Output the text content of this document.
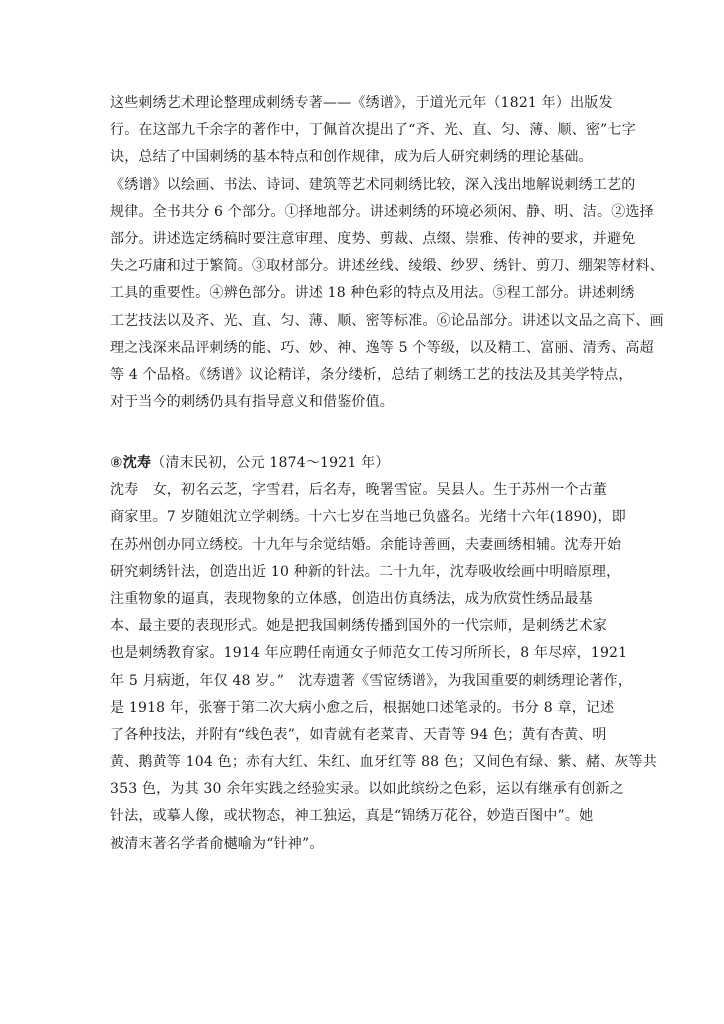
这些刺绣艺术理论整理成刺绣专著——《绣谱》，于道光元年（1821 年）出版发
行。在这部九千余字的著作中，丁佩首次提出了“齐、光、直、匀、薄、顺、密”七字
诀，总结了中国刺绣的基本特点和创作规律，成为后人研究刺绣的理论基础。
《绣谱》以绘画、书法、诗词、建筑等艺术同刺绣比较，深入浅出地解说刺绣工艺的
规律。全书共分 6 个部分。①择地部分。讲述刺绣的环境必须闲、静、明、洁。②选择
部分。讲述选定绣稿时要注意审理、度势、剪裁、点缀、崇雅、传神的要求，并避免
失之巧庸和过于繁简。③取材部分。讲述丝线、绫缎、纱罗、绣针、剪刀、绷架等材料、
工具的重要性。④辨色部分。讲述 18 种色彩的特点及用法。⑤程工部分。讲述刺绣
工艺技法以及齐、光、直、匀、薄、顺、密等标准。⑥论品部分。讲述以文品之高下、画
理之浅深来品评刺绣的能、巧、妙、神、逸等 5 个等级，以及精工、富丽、清秀、高超
等 4 个品格。《绣谱》议论精详，条分缕析，总结了刺绣工艺的技法及其美学特点，
对于当今的刺绣仍具有指导意义和借鉴价值。
⑧沈寿（清末民初，公元 1874～1921 年）
沈寿　女，初名云芝，字雪君，后名寿，晚署雪宧。吴县人。生于苏州一个古董
商家里。7 岁随姐沈立学刺绣。十六七岁在当地已负盛名。光绪十六年(1890)，即
在苏州创办同立绣校。十九年与余觉结婚。余能诗善画，夫妻画绣相辅。沈寿开始
研究刺绣针法，创造出近 10 种新的针法。二十九年，沈寿吸收绘画中明暗原理，
注重物象的逼真，表现物象的立体感，创造出仿真绣法，成为欣赏性绣品最基
本、最主要的表现形式。她是把我国刺绣传播到国外的一代宗师，是刺绣艺术家
也是刺绣教育家。1914 年应聘任南通女子师范女工传习所所长，8 年尽瘁，1921
年 5 月病逝，年仅 48 岁。”　沈寿遗著《雪宧绣谱》，为我国重要的刺绣理论著作，
是 1918 年，张謇于第二次大病小愈之后，根据她口述笔录的。书分 8 章，记述
了各种技法，并附有“线色表”，如青就有老菜青、天青等 94 色；黄有杏黄、明
黄、鹅黄等 104 色；赤有大红、朱红、血牙红等 88 色；又间色有绿、紫、赭、灰等共
353 色，为其 30 余年实践之经验实录。以如此缤纷之色彩，运以有继承有创新之
针法，或摹人像，或状物态，神工独运，真是“锦绣万花谷，妙造百图中”。她
被清末著名学者俞樾喻为“针神”。
